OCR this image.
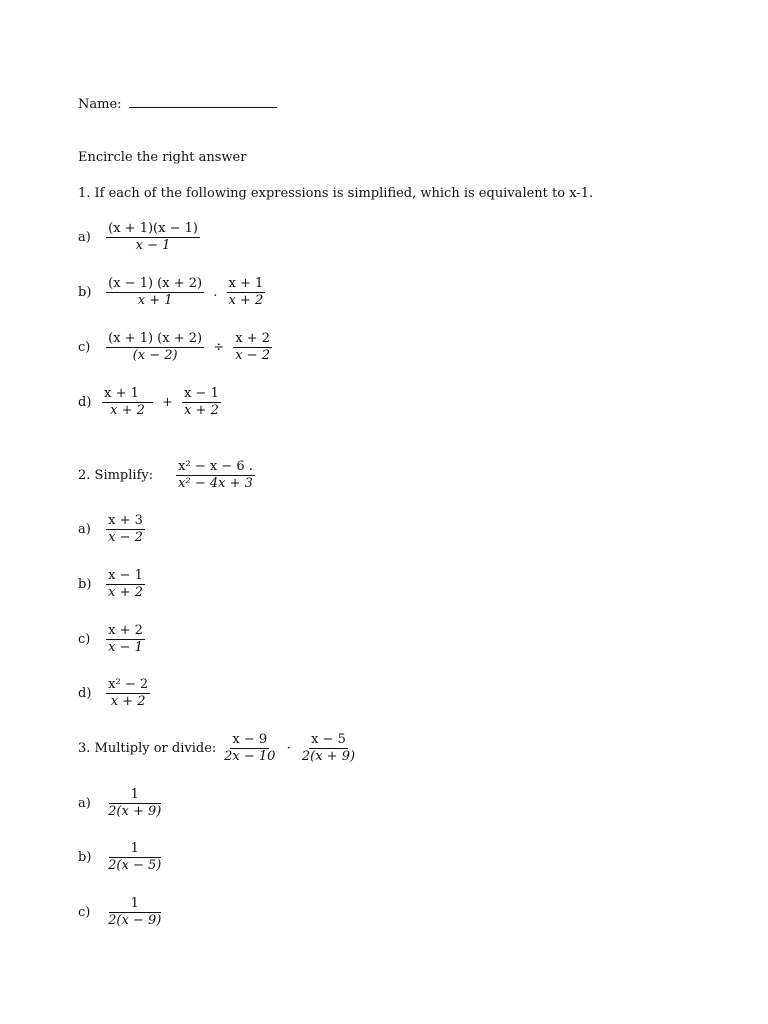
Name:
Encircle the right answer
1. If each of the following expressions is simplified, which is equivalent to x-1.
$a) \frac{(x + 1)(x - 1)}{x - 1}$
$b) \frac{(x - 1) (x + 2)}{x + 1}$ . $\frac{x + 1}{x + 2}$
$c) \frac{(x + 1) (x + 2)}{(x - 2)} \div \frac{x + 2}{x - 2}$
$d) \frac{x + 1}{x + 2} + \frac{x - 1}{x + 2}$
2. Simplify: $\frac{\text{x² − x − 6 .}}{\text{x² − 4x + 3}}$
$a) \frac{x + 3}{x - 2}$
$b) \frac{x - 1}{x + 2}$
$c) \frac{x + 2}{x - 1}$
$d) \frac{\text{x² − 2}}{x + 2}$
3. Multiply or divide: $\frac{x - 9}{2x - 10} \cdot \frac{x - 5}{2(x + 9)}$
$a) \frac{1}{2(x + 9)}$
$b) \frac{1}{2(x - 5)}$
$c) \frac{1}{2(x - 9)}$
